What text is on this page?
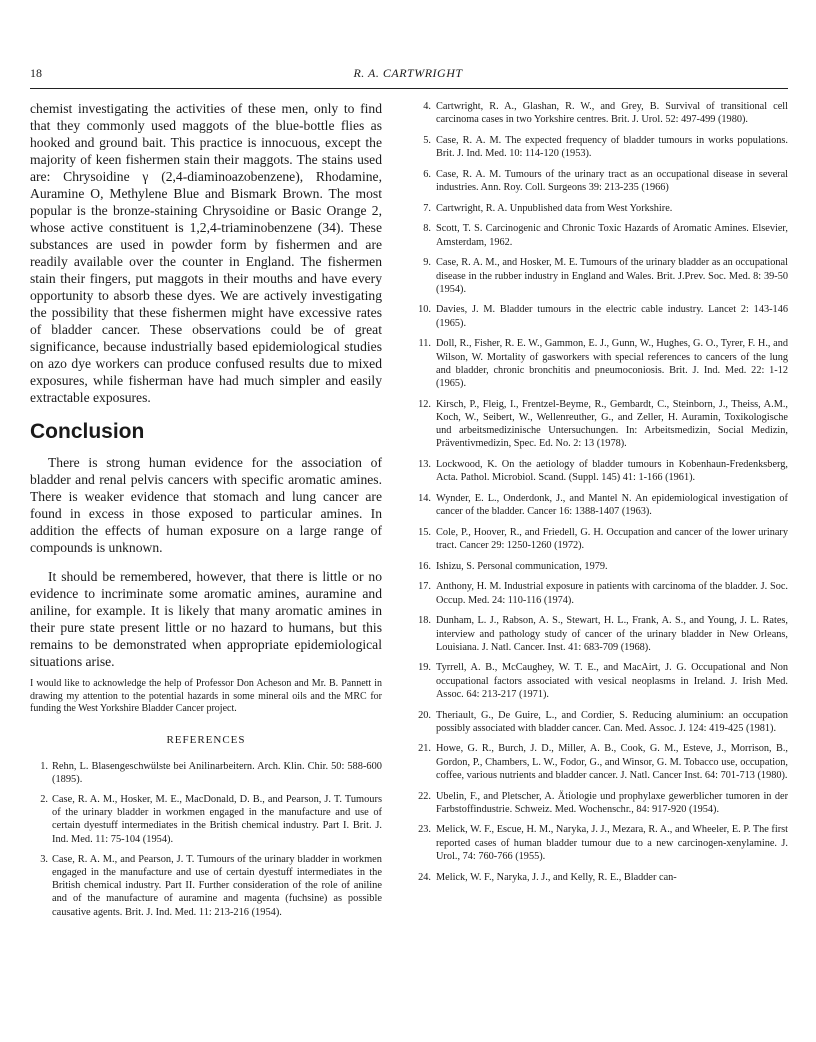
18	R. A. CARTWRIGHT

chemist investigating the activities of these men, only to find that they commonly used maggots of the blue-bottle flies as hooked and ground bait. This practice is innocuous, except the majority of keen fishermen stain their maggots. The stains used are: Chrysoidine γ (2,4-diaminoazobenzene), Rhodamine, Auramine O, Methylene Blue and Bismark Brown. The most popular is the bronze-staining Chrysoidine or Basic Orange 2, whose active constituent is 1,2,4-triaminobenzene (34). These substances are used in powder form by fishermen and are readily available over the counter in England. The fishermen stain their fingers, put maggots in their mouths and have every opportunity to absorb these dyes. We are actively investigating the possibility that these fishermen might have excessive rates of bladder cancer. These observations could be of great significance, because industrially based epidemiological studies on azo dye workers can produce confused results due to mixed exposures, while fisherman have had much simpler and easily extractable exposures.

Conclusion

There is strong human evidence for the association of bladder and renal pelvis cancers with specific aromatic amines. There is weaker evidence that stomach and lung cancer are found in excess in those exposed to particular amines. In addition the effects of human exposure on a large range of compounds is unknown.

It should be remembered, however, that there is little or no evidence to incriminate some aromatic amines, auramine and aniline, for example. It is likely that many aromatic amines in their pure state present little or no hazard to humans, but this remains to be demonstrated when appropriate epidemiological situations arise.

I would like to acknowledge the help of Professor Don Acheson and Mr. B. Pannett in drawing my attention to the potential hazards in some mineral oils and the MRC for funding the West Yorkshire Bladder Cancer project.

REFERENCES
1. Rehn, L. Blasengeschwülste bei Anilinarbeitern. Arch. Klin. Chir. 50: 588-600 (1895).
2. Case, R. A. M., Hosker, M. E., MacDonald, D. B., and Pearson, J. T. Tumours of the urinary bladder in workmen engaged in the manufacture and use of certain dyestuff intermediates in the British chemical industry. Part I. Brit. J. Ind. Med. 11: 75-104 (1954).
3. Case, R. A. M., and Pearson, J. T. Tumours of the urinary bladder in workmen engaged in the manufacture and use of certain dyestuff intermediates in the British chemical industry. Part II. Further consideration of the role of aniline and of the manufacture of auramine and magenta (fuchsine) as possible causative agents. Brit. J. Ind. Med. 11: 213-216 (1954).
4. Cartwright, R. A., Glashan, R. W., and Grey, B. Survival of transitional cell carcinoma cases in two Yorkshire centres. Brit. J. Urol. 52: 497-499 (1980).
5. Case, R. A. M. The expected frequency of bladder tumours in works populations. Brit. J. Ind. Med. 10: 114-120 (1953).
6. Case, R. A. M. Tumours of the urinary tract as an occupational disease in several industries. Ann. Roy. Coll. Surgeons 39: 213-235 (1966)
7. Cartwright, R. A. Unpublished data from West Yorkshire.
8. Scott, T. S. Carcinogenic and Chronic Toxic Hazards of Aromatic Amines. Elsevier, Amsterdam, 1962.
9. Case, R. A. M., and Hosker, M. E. Tumours of the urinary bladder as an occupational disease in the rubber industry in England and Wales. Brit. J.Prev. Soc. Med. 8: 39-50 (1954).
10. Davies, J. M. Bladder tumours in the electric cable industry. Lancet 2: 143-146 (1965).
11. Doll, R., Fisher, R. E. W., Gammon, E. J., Gunn, W., Hughes, G. O., Tyrer, F. H., and Wilson, W. Mortality of gasworkers with special references to cancers of the lung and bladder, chronic bronchitis and pneumoconiosis. Brit. J. Ind. Med. 22: 1-12 (1965).
12. Kirsch, P., Fleig, I., Frentzel-Beyme, R., Gembardt, C., Steinborn, J., Theiss, A.M., Koch, W., Seibert, W., Wellenreuther, G., and Zeller, H. Auramin, Toxikologische und arbeitsmedizinische Untersuchungen. In: Arbeitsmedizin, Social Medizin, Präventivmedizin, Spec. Ed. No. 2: 13 (1978).
13. Lockwood, K. On the aetiology of bladder tumours in Kobenhaun-Fredenksberg, Acta. Pathol. Microbiol. Scand. (Suppl. 145) 41: 1-166 (1961).
14. Wynder, E. L., Onderdonk, J., and Mantel N. An epidemiological investigation of cancer of the bladder. Cancer 16: 1388-1407 (1963).
15. Cole, P., Hoover, R., and Friedell, G. H. Occupation and cancer of the lower urinary tract. Cancer 29: 1250-1260 (1972).
16. Ishizu, S. Personal communication, 1979.
17. Anthony, H. M. Industrial exposure in patients with carcinoma of the bladder. J. Soc. Occup. Med. 24: 110-116 (1974).
18. Dunham, L. J., Rabson, A. S., Stewart, H. L., Frank, A. S., and Young, J. L. Rates, interview and pathology study of cancer of the urinary bladder in New Orleans, Louisiana. J. Natl. Cancer. Inst. 41: 683-709 (1968).
19. Tyrrell, A. B., McCaughey, W. T. E., and MacAirt, J. G. Occupational and Non occupational factors associated with vesical neoplasms in Ireland. J. Irish Med. Assoc. 64: 213-217 (1971).
20. Theriault, G., De Guire, L., and Cordier, S. Reducing aluminium: an occupation possibly associated with bladder cancer. Can. Med. Assoc. J. 124: 419-425 (1981).
21. Howe, G. R., Burch, J. D., Miller, A. B., Cook, G. M., Esteve, J., Morrison, B., Gordon, P., Chambers, L. W., Fodor, G., and Winsor, G. M. Tobacco use, occupation, coffee, various nutrients and bladder cancer. J. Natl. Cancer Inst. 64: 701-713 (1980).
22. Ubelin, F., and Pletscher, A. Ätiologie und prophylaxe gewerblicher tumoren in der Farbstoffindustrie. Schweiz. Med. Wochenschr., 84: 917-920 (1954).
23. Melick, W. F., Escue, H. M., Naryka, J. J., Mezara, R. A., and Wheeler, E. P. The first reported cases of human bladder tumour due to a new carcinogen-xenylamine. J. Urol., 74: 760-766 (1955).
24. Melick, W. F., Naryka, J. J., and Kelly, R. E., Bladder can-
